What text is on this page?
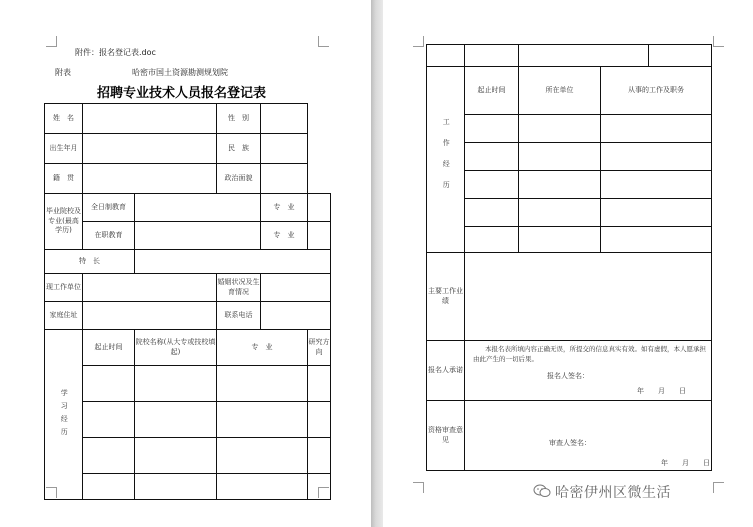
附件：报名登记表.doc
附表	哈密市国土资源勘测规划院
招聘专业技术人员报名登记表
姓　名			性　别		
出生年月			民　族		
籍　贯			政治面貌		
毕业院校及专业(最高学历)	全日制教育			专　业	
	在职教育			专　业	
特　长					
现工作单位			婚姻状况及生育情况		
家庭住址			联系电话		
学习经历	起止时间	院校名称(从大专或技校填起)	专　业		研究方向

工作经历	起止时间	所在单位	从事的工作及职务	

主要工作业绩				
报名人承诺	本报名表所填内容正确无误，所提交的信息真实有效。如有虚假，本人愿承担由此产生的一切后果。
报名人签名：
年　　月　　日			

资格审查意见	审查人签名：
年　　月　　日			
哈密伊州区微生活
